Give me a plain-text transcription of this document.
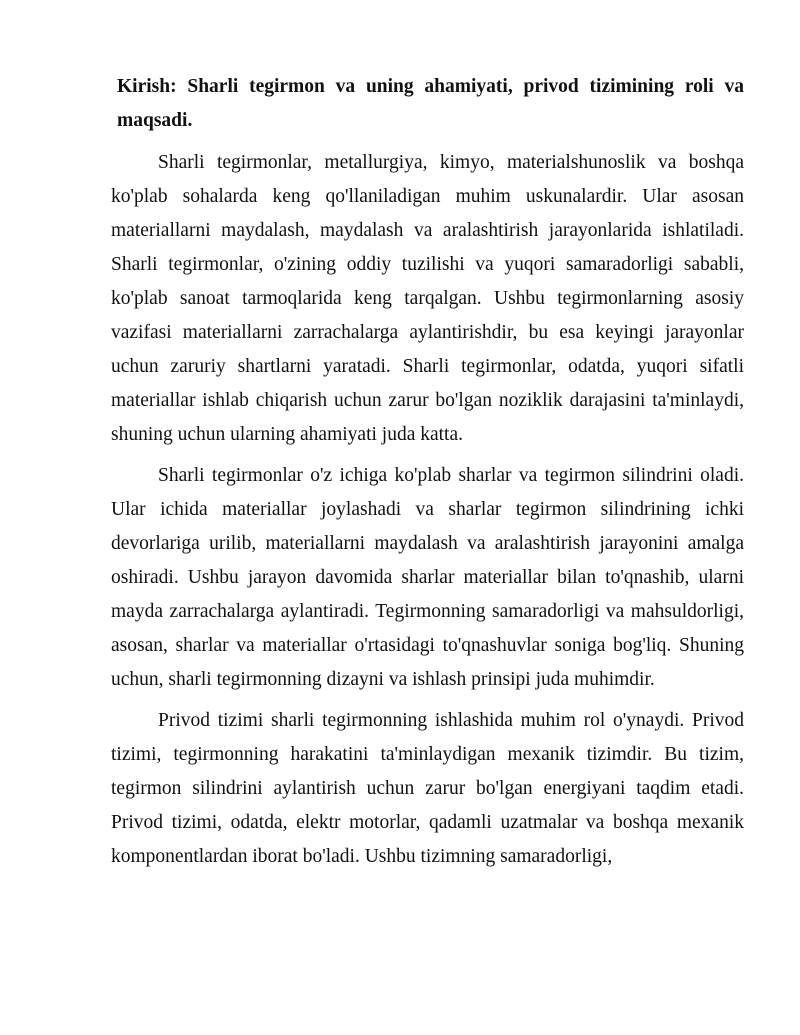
Kirish: Sharli tegirmon va uning ahamiyati, privod tizimining roli va maqsadi.

Sharli tegirmonlar, metallurgiya, kimyo, materialshunoslik va boshqa ko'plab sohalarda keng qo'llaniladigan muhim uskunalardir. Ular asosan materiallarni maydalash, maydalash va aralashtirish jarayonlarida ishlatiladi. Sharli tegirmonlar, o'zining oddiy tuzilishi va yuqori samaradorligi sababli, ko'plab sanoat tarmoqlarida keng tarqalgan. Ushbu tegirmonlarning asosiy vazifasi materiallarni zarrachalarga aylantirishdir, bu esa keyingi jarayonlar uchun zaruriy shartlarni yaratadi. Sharli tegirmonlar, odatda, yuqori sifatli materiallar ishlab chiqarish uchun zarur bo'lgan noziklik darajasini ta'minlaydi, shuning uchun ularning ahamiyati juda katta.

Sharli tegirmonlar o'z ichiga ko'plab sharlar va tegirmon silindrini oladi. Ular ichida materiallar joylashadi va sharlar tegirmon silindrining ichki devorlariga urilib, materiallarni maydalash va aralashtirish jarayonini amalga oshiradi. Ushbu jarayon davomida sharlar materiallar bilan to'qnashib, ularni mayda zarrachalarga aylantiradi. Tegirmonning samaradorligi va mahsuldorligi, asosan, sharlar va materiallar o'rtasidagi to'qnashuvlar soniga bog'liq. Shuning uchun, sharli tegirmonning dizayni va ishlash prinsipi juda muhimdir.

Privod tizimi sharli tegirmonning ishlashida muhim rol o'ynaydi. Privod tizimi, tegirmonning harakatini ta'minlaydigan mexanik tizimdir. Bu tizim, tegirmon silindrini aylantirish uchun zarur bo'lgan energiyani taqdim etadi. Privod tizimi, odatda, elektr motorlar, qadamli uzatmalar va boshqa mexanik komponentlardan iborat bo'ladi. Ushbu tizimning samaradorligi,
